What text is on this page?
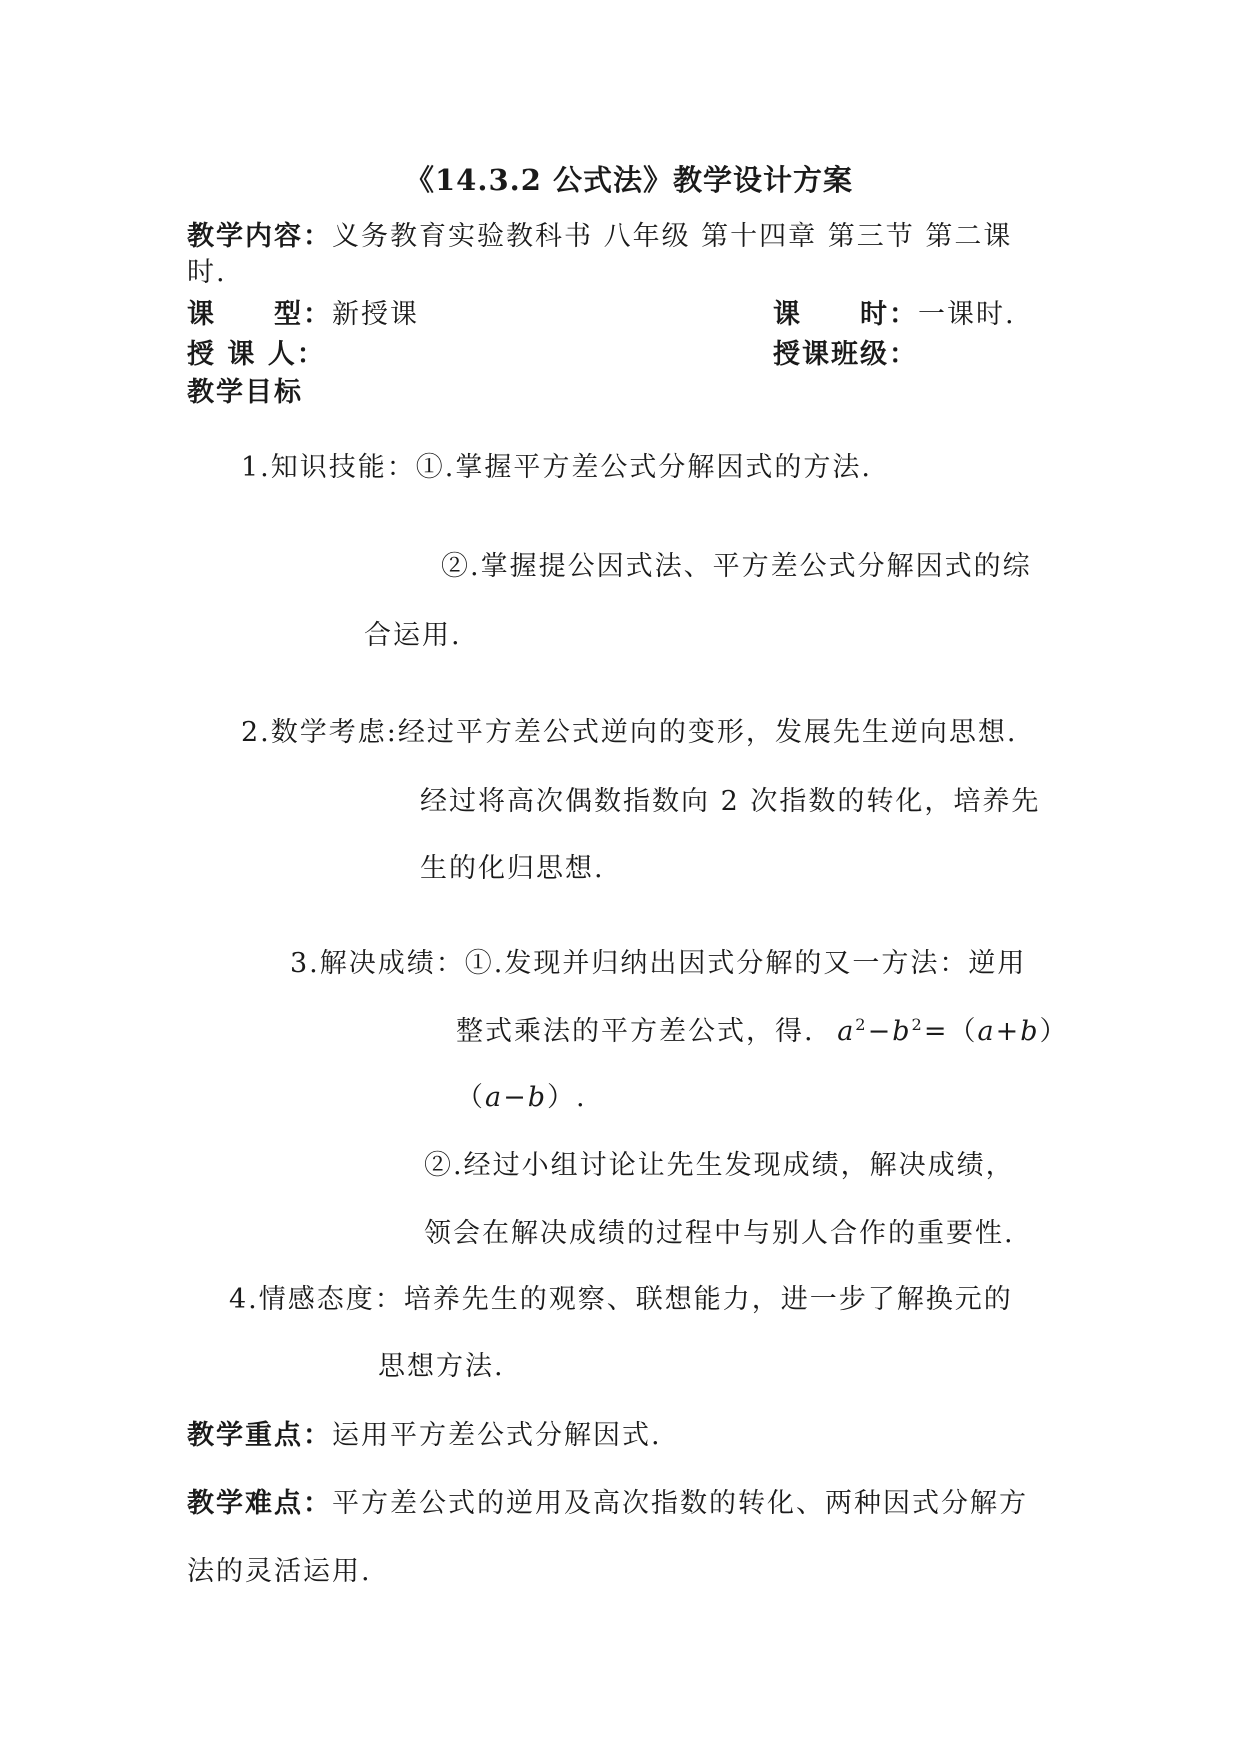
《14.3.2 公式法》教学设计方案
教学内容：义务教育实验教科书 八年级 第十四章 第三节 第二课
时.
课　　型：新授课	课　　时：一课时.
授 课 人：	授课班级：
教学目标
1.知识技能：①.掌握平方差公式分解因式的方法.
②.掌握提公因式法、平方差公式分解因式的综
合运用.
2.数学考虑:经过平方差公式逆向的变形，发展先生逆向思想.
经过将高次偶数指数向 2 次指数的转化，培养先
生的化归思想.
3.解决成绩：①.发现并归纳出因式分解的又一方法：逆用
整式乘法的平方差公式，得. $a^2-b^2=(a+b)$
（a−b）.
②.经过小组讨论让先生发现成绩，解决成绩，
领会在解决成绩的过程中与别人合作的重要性.
4.情感态度：培养先生的观察、联想能力，进一步了解换元的
思想方法.
教学重点：运用平方差公式分解因式.
教学难点：平方差公式的逆用及高次指数的转化、两种因式分解方
法的灵活运用.
